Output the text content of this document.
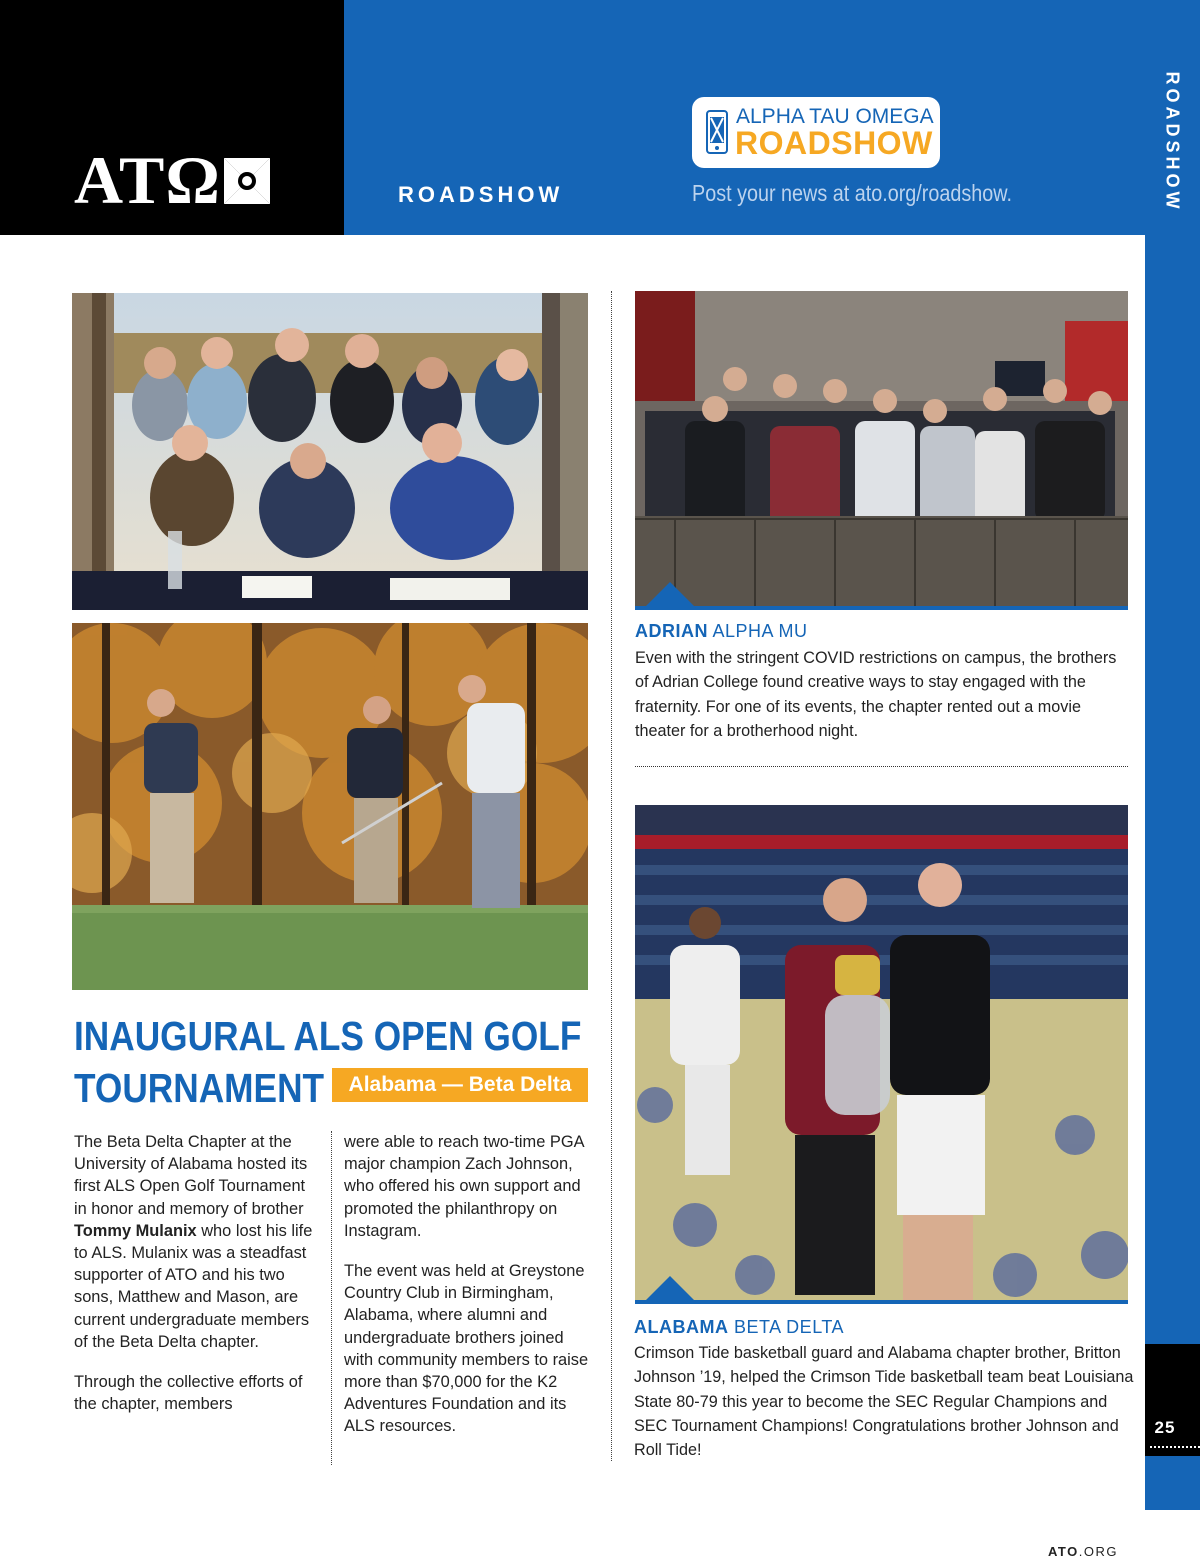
ATΩ	ROADSHOW
ALPHA TAU OMEGA
ROADSHOW
Post your news at ato.org/roadshow.	ROADSHOW
25
ADRIAN ALPHA MU
Even with the stringent COVID restrictions on campus, the brothers of Adrian College found creative ways to stay engaged with the fraternity. For one of its events, the chapter rented out a movie theater for a brotherhood night.
ALABAMA BETA DELTA
Crimson Tide basketball guard and Alabama chapter brother, Britton Johnson ’19, helped the Crimson Tide basketball team beat Louisiana State 80-79 this year to become the SEC Regular Champions and SEC Tournament Champions! Congratulations brother Johnson and Roll Tide!
INAUGURAL ALS OPEN GOLF
TOURNAMENT	Alabama — Beta Delta

The Beta Delta Chapter at the University of Alabama hosted its first ALS Open Golf Tournament in honor and memory of brother Tommy Mulanix who lost his life to ALS. Mulanix was a steadfast supporter of ATO and his two sons, Matthew and Mason, are current undergraduate members of the Beta Delta chapter.

Through the collective efforts of the chapter, members

were able to reach two-time PGA major champion Zach Johnson, who offered his own support and promoted the philanthropy on Instagram.

The event was held at Greystone Country Club in Birmingham, Alabama, where alumni and undergraduate brothers joined with community members to raise more than $70,000 for the K2 Adventures Foundation and its ALS resources.

ATO.ORG
